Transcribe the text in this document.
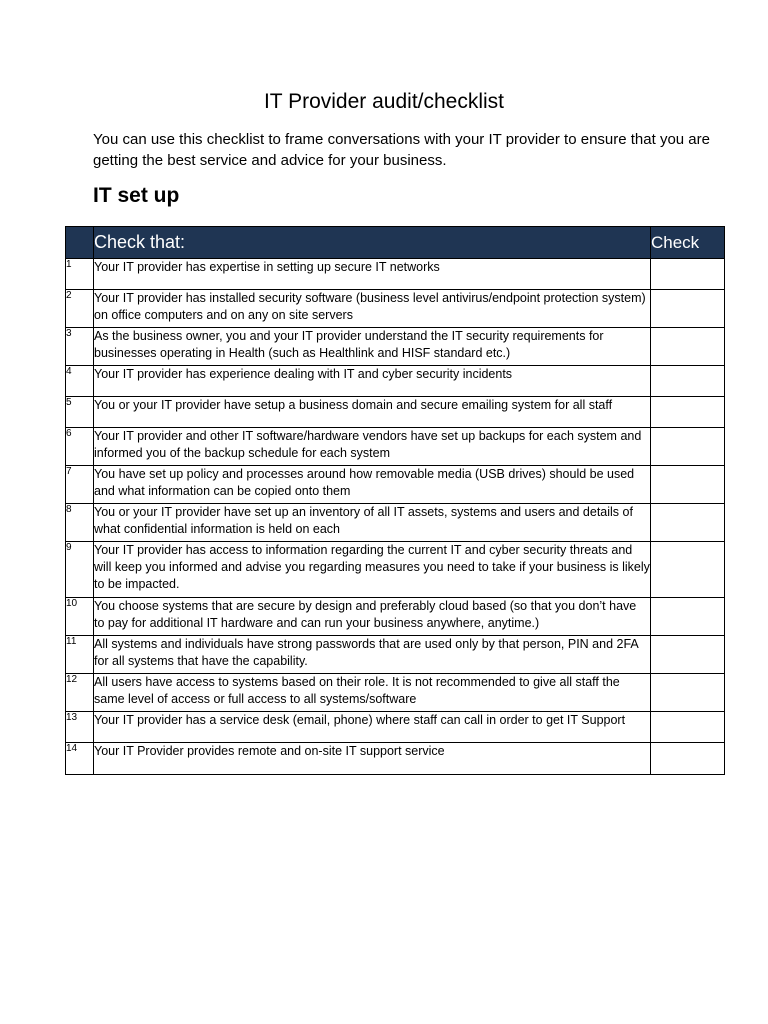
IT Provider audit/checklist

You can use this checklist to frame conversations with your IT provider to ensure that you are getting the best service and advice for your business.

IT set up
	Check that:	Check
1	Your IT provider has expertise in setting up secure IT networks	
2	Your IT provider has installed security software (business level antivirus/endpoint protection system) on office computers and on any on site servers	
3	As the business owner, you and your IT provider understand the IT security requirements for businesses operating in Health (such as Healthlink and HISF standard etc.)	
4	Your IT provider has experience dealing with IT and cyber security incidents	
5	You or your IT provider have setup a business domain and secure emailing system for all staff	
6	Your IT provider and other IT software/hardware vendors have set up backups for each system and informed you of the backup schedule for each system	
7	You have set up policy and processes around how removable media (USB drives) should be used and what information can be copied onto them	
8	You or your IT provider have set up an inventory of all IT assets, systems and users and details of what confidential information is held on each	
9	Your IT provider has access to information regarding the current IT and cyber security threats and will keep you informed and advise you regarding measures you need to take if your business is likely to be impacted.	
10	You choose systems that are secure by design and preferably cloud based (so that you don’t have to pay for additional IT hardware and can run your business anywhere, anytime.)	
11	All systems and individuals have strong passwords that are used only by that person, PIN and 2FA for all systems that have the capability.	
12	All users have access to systems based on their role. It is not recommended to give all staff the same level of access or full access to all systems/software	
13	Your IT provider has a service desk (email, phone) where staff can call in order to get IT Support	
14	Your IT Provider provides remote and on-site IT support service	
